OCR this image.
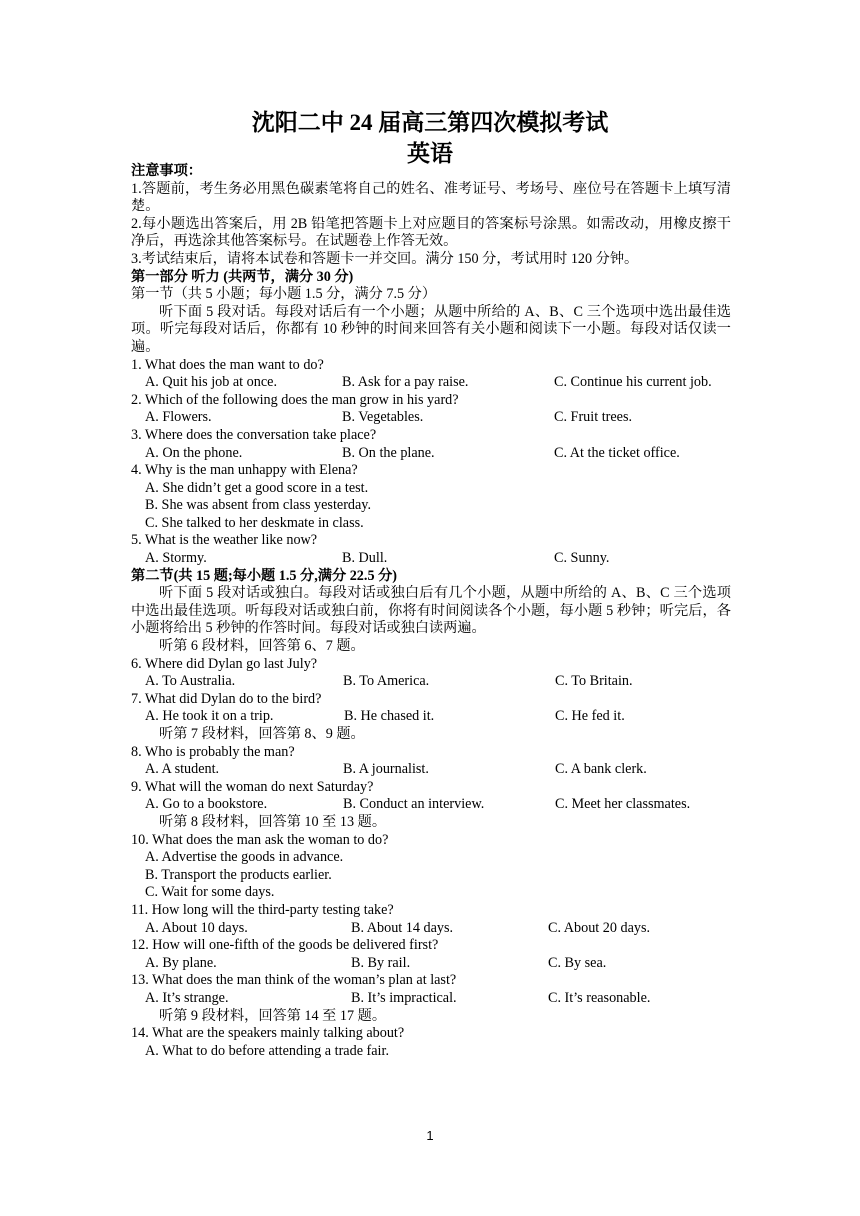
沈阳二中 24 届高三第四次模拟考试
英语
注意事项：
1.答题前，考生务必用黑色碳素笔将自己的姓名、准考证号、考场号、座位号在答题卡上填写清楚。
2.每小题选出答案后，用 2B 铅笔把答题卡上对应题目的答案标号涂黑。如需改动，用橡皮擦干净后，再选涂其他答案标号。在试题卷上作答无效。
3.考试结束后，请将本试卷和答题卡一并交回。满分 150 分，考试用时 120 分钟。
第一部分 听力 (共两节，满分 30 分)
第一节（共 5 小题；每小题 1.5 分，满分 7.5 分）
听下面 5 段对话。每段对话后有一个小题；从题中所给的 A、B、C 三个选项中选出最佳选项。听完每段对话后，你都有 10 秒钟的时间来回答有关小题和阅读下一小题。每段对话仅读一遍。
1. What does the man want to do?
A. Quit his job at once.	B. Ask for a pay raise.	C. Continue his current job.
2. Which of the following does the man grow in his yard?
A. Flowers.	B. Vegetables.	C. Fruit trees.
3. Where does the conversation take place?
A. On the phone.	B. On the plane.	C. At the ticket office.
4. Why is the man unhappy with Elena?
A. She didn’t get a good score in a test.
B. She was absent from class yesterday.
C. She talked to her deskmate in class.
5. What is the weather like now?
A. Stormy.	B. Dull.	C. Sunny.
第二节(共 15 题;每小题 1.5 分,满分 22.5 分)
听下面 5 段对话或独白。每段对话或独白后有几个小题，从题中所给的 A、B、C 三个选项中选出最佳选项。听每段对话或独白前，你将有时间阅读各个小题，每小题 5 秒钟；听完后，各小题将给出 5 秒钟的作答时间。每段对话或独白读两遍。
听第 6 段材料，回答第 6、7 题。
6. Where did Dylan go last July?
A. To Australia.	B. To America.	C. To Britain.
7. What did Dylan do to the bird?
A. He took it on a trip.	B. He chased it.	C. He fed it.
听第 7 段材料，回答第 8、9 题。
8. Who is probably the man?
A. A student.	B. A journalist.	C. A bank clerk.
9. What will the woman do next Saturday?
A. Go to a bookstore.	B. Conduct an interview.	C. Meet her classmates.
听第 8 段材料，回答第 10 至 13 题。
10. What does the man ask the woman to do?
A. Advertise the goods in advance.
B. Transport the products earlier.
C. Wait for some days.
11. How long will the third-party testing take?
A. About 10 days.	B. About 14 days.	C. About 20 days.
12. How will one-fifth of the goods be delivered first?
A. By plane.	B. By rail.	C. By sea.
13. What does the man think of the woman’s plan at last?
A. It’s strange.	B. It’s impractical.	C. It’s reasonable.
听第 9 段材料，回答第 14 至 17 题。
14. What are the speakers mainly talking about?
A. What to do before attending a trade fair.
1
